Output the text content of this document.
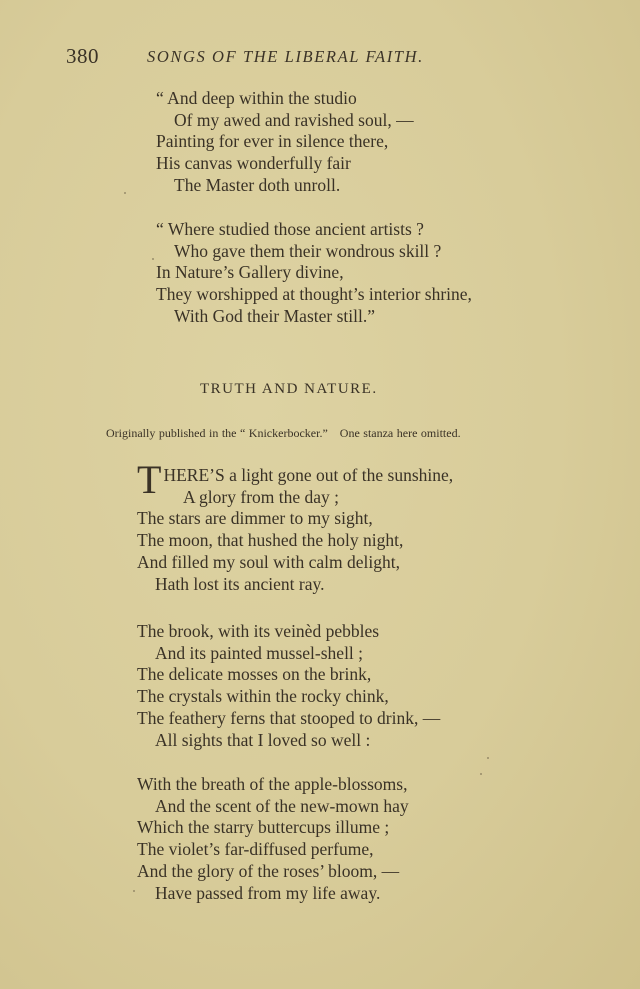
380	SONGS OF THE LIBERAL FAITH.
“ And deep within the studio
Of my awed and ravished soul, —
Painting for ever in silence there,
His canvas wonderfully fair
The Master doth unroll.
“ Where studied those ancient artists ?
Who gave them their wondrous skill ?
In Nature’s Gallery divine,
They worshipped at thought’s interior shrine,
With God their Master still.”
TRUTH AND NATURE.
Originally published in the “ Knickerbocker.” One stanza here omitted.
THERE’S a light gone out of the sunshine,
A glory from the day ;
The stars are dimmer to my sight,
The moon, that hushed the holy night,
And filled my soul with calm delight,
Hath lost its ancient ray.
The brook, with its veinèd pebbles
And its painted mussel-shell ;
The delicate mosses on the brink,
The crystals within the rocky chink,
The feathery ferns that stooped to drink, —
All sights that I loved so well :
With the breath of the apple-blossoms,
And the scent of the new-mown hay
Which the starry buttercups illume ;
The violet’s far-diffused perfume,
And the glory of the roses’ bloom, —
Have passed from my life away.
